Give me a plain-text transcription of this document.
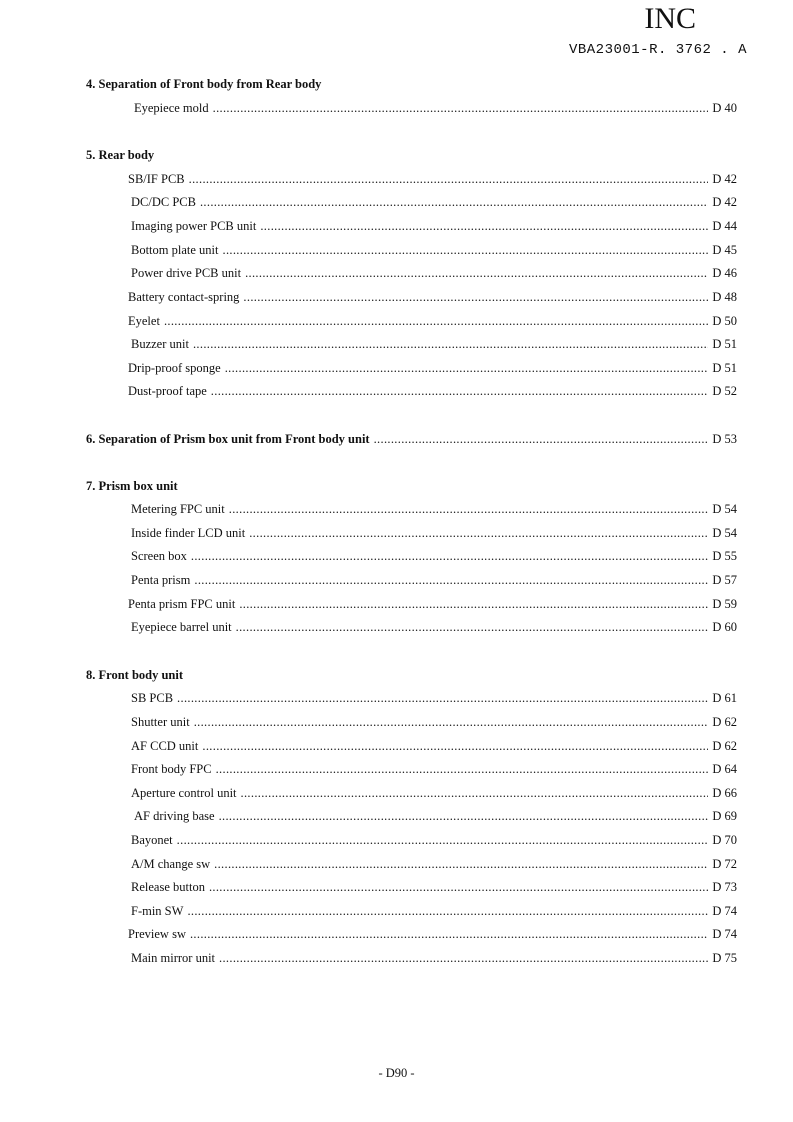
INC
VBA23001-R. 3762 . A
4. Separation of Front body from Rear body
Eyepiece mold . . .	D 40
5. Rear body
SB/IF PCB . . .	D 42
DC/DC PCB . . .	D 42
Imaging power PCB unit . . .	D 44
Bottom plate unit . . .	D 45
Power drive PCB unit . . .	D 46
Battery contact-spring . . .	D 48
Eyelet . . .	D 50
Buzzer unit . . .	D 51
Drip-proof sponge . . .	D 51
Dust-proof tape . . .	D 52
6. Separation of Prism box unit from Front body unit . . .	D 53
7. Prism box unit
Metering FPC unit . . .	D 54
Inside finder LCD unit . . .	D 54
Screen box . . .	D 55
Penta prism . . .	D 57
Penta prism FPC unit . . .	D 59
Eyepiece barrel unit . . .	D 60
8. Front body unit
SB PCB . . .	D 61
Shutter unit . . .	D 62
AF CCD unit . . .	D 62
Front body FPC . . .	D 64
Aperture control unit . . .	D 66
AF driving base . . .	D 69
Bayonet . . .	D 70
A/M change sw . . .	D 72
Release button . . .	D 73
F-min SW . . .	D 74
Preview sw . . .	D 74
Main mirror unit . . .	D 75
- D90 -
